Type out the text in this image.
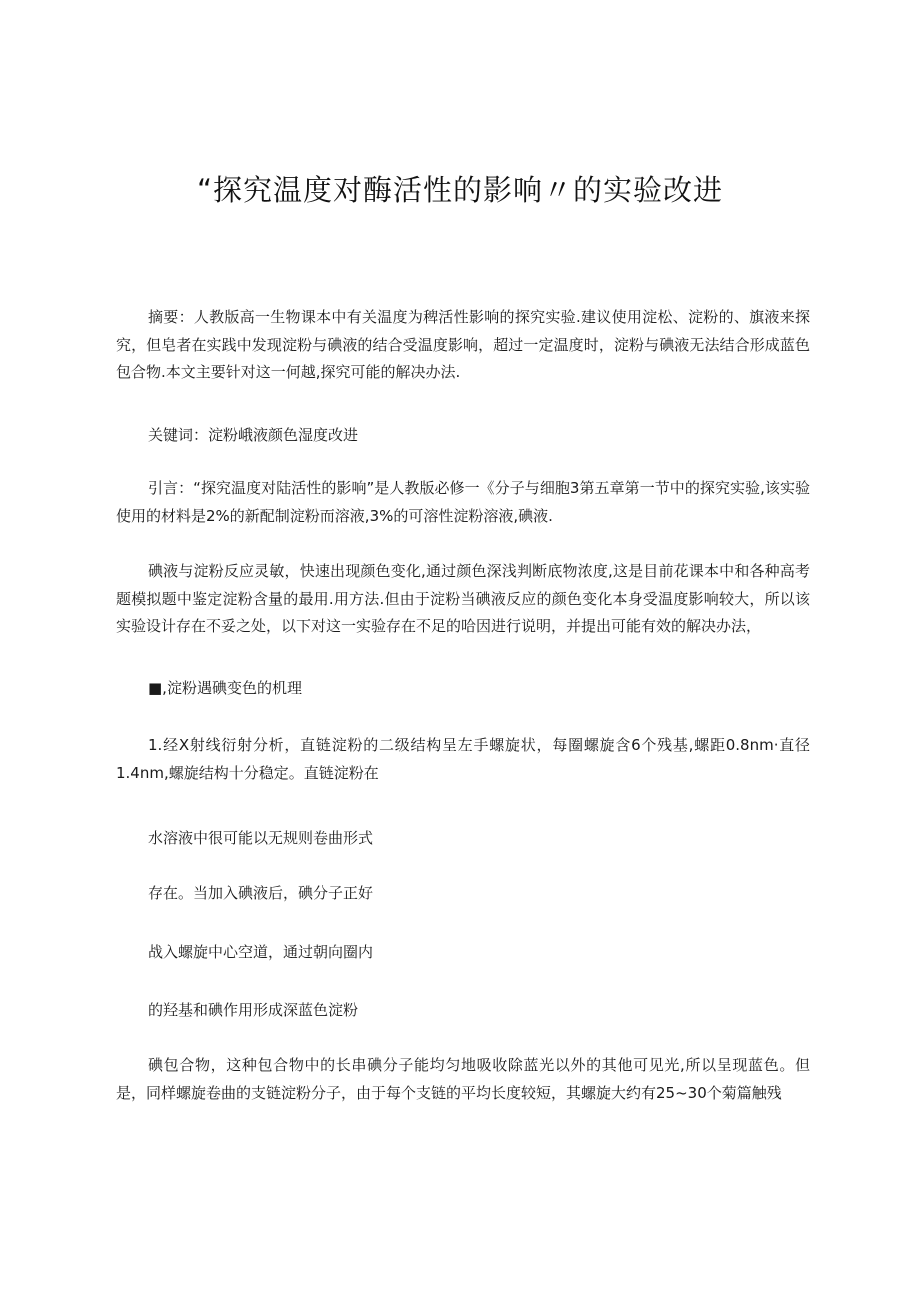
“探究温度对酶活性的影响〃的实验改进

摘要：人教版高一生物课本中有关温度为稗活性影响的探究实验.建议使用淀松、淀粉的、旗液来探究，但皂者在实践中发现淀粉与碘液的结合受温度影响，超过一定温度时，淀粉与碘液无法结合形成蓝色包合物.本文主要针对这一何越,探究可能的解决办法.

关键词：淀粉峨液颜色湿度改进

引言：“探究温度对陆活性的影响”是人教版必修一《分子与细胞3第五章第一节中的探究实验,该实验使用的材料是2%的新配制淀粉而溶液,3%的可溶性淀粉溶液,碘液.

碘液与淀粉反应灵敏，快速出现颜色变化,通过颜色深浅判断底物浓度,这是目前花课本中和各种高考题模拟题中鉴定淀粉含量的最用.用方法.但由于淀粉当碘液反应的颜色变化本身受温度影响较大，所以该实验设计存在不妥之处，以下对这一实验存在不足的哈因进行说明，并提出可能有效的解决办法，

■,淀粉遇碘变色的机理

1.经X射线衍射分析，直链淀粉的二级结构呈左手螺旋状，每圈螺旋含6个残基,螺距0.8nm·直径1.4nm,螺旋结构十分稳定。直链淀粉在

水溶液中很可能以无规则卷曲形式
存在。当加入碘液后，碘分子正好
战入螺旋中心空道，通过朝向圈内
的羟基和碘作用形成深蓝色淀粉

碘包合物，这种包合物中的长串碘分子能均匀地吸收除蓝光以外的其他可见光,所以呈现蓝色。但是，同样螺旋卷曲的支链淀粉分子，由于每个支链的平均长度较短，其螺旋大约有25~30个菊篇触残
